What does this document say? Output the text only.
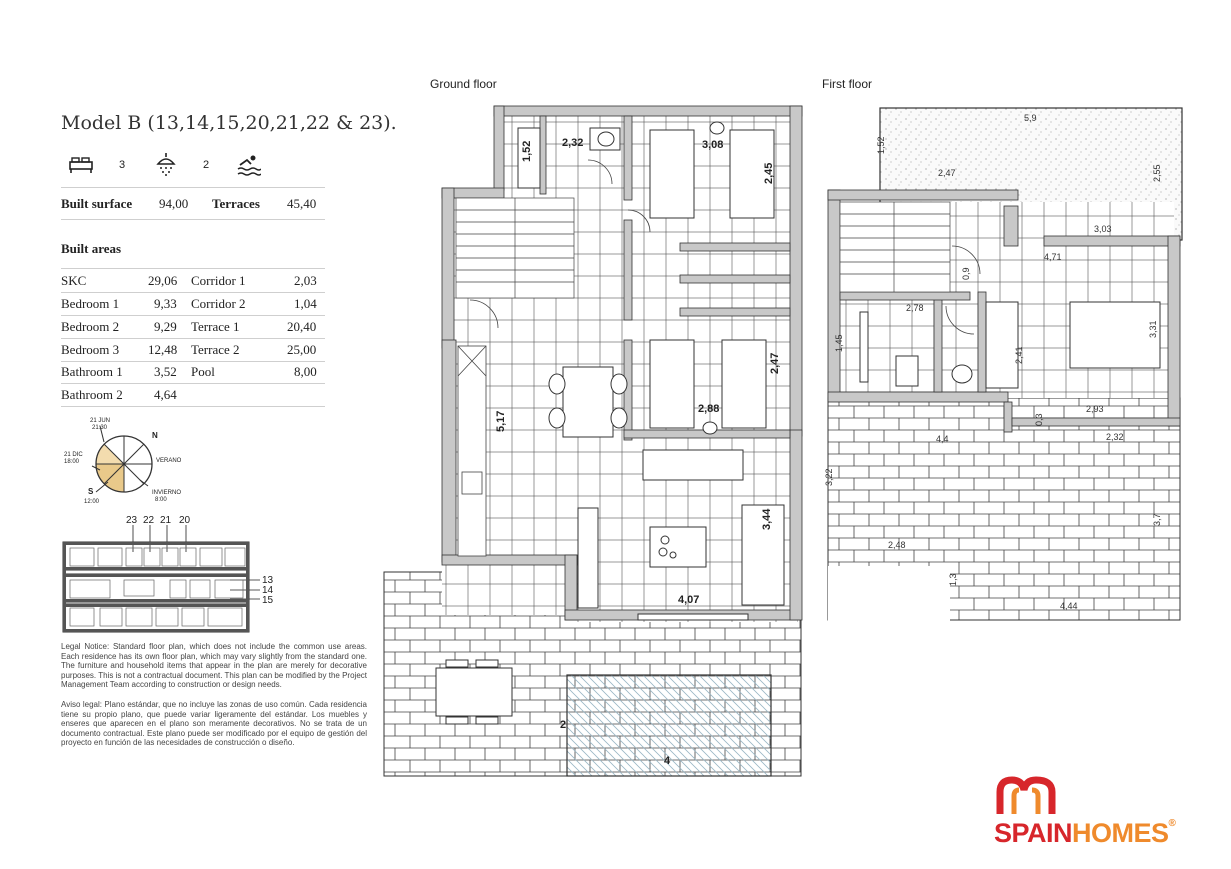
Model B (13,14,15,20,21,22 & 23).
3	2
Built surface 94,00 Terraces 45,40
Built areas
SKC	29,06 Corridor 1	2,03
Bedroom 1	9,33 Corridor 2	1,04
Bedroom 2	9,29 Terrace 1	20,40
Bedroom 3 12,48 Terrace 2	25,00
Bathroom 1 3,52 Pool	8,00
Bathroom 2 4,64
21 JUN
21:30
21 DIC
18:00
N
S
12:00
VERANO
INVIERNO
8:00
23 22 21 20
13
14
15
Legal Notice: Standard floor plan, which does not include the common use areas. Each residence has its own floor plan, which may vary slightly from the standard one. The furniture and household items that appear in the plan are merely for decorative purposes. This is not a contractual document. This plan can be modified by the Project Management Team according to construction or design needs.
Aviso legal: Plano estándar, que no incluye las zonas de uso común. Cada residencia tiene su propio plano, que puede variar ligeramente del estándar. Los muebles y enseres que aparecen en el plano son meramente decorativos. No se trata de un documento contractual. Este plano puede ser modificado por el equipo de gestión del proyecto en función de las necesidades de construcción o diseño.
Ground floor
1,52	2,32	3,08
2,45
2,47
2,88
5,17
3,44
4,07
2
4
First floor
5,9
1,52
2,47	2,55
3,03
4,71
0,9
2,78
3,31
1,45
2,41
2,93
0,3
4,4	2,32
3,22
3,7
2,48
1,3
4,44
SPAINHOMES®
